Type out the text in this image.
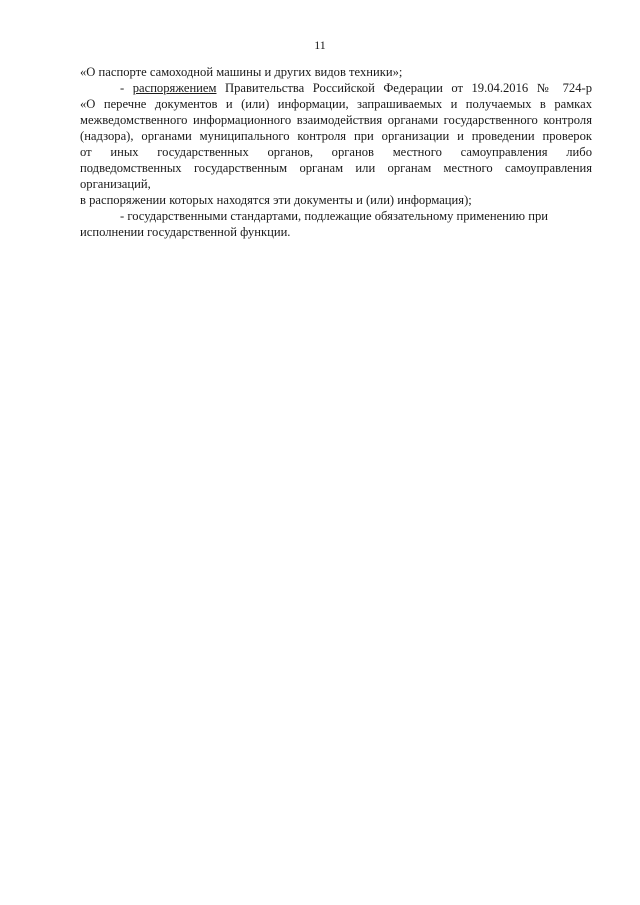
11
«О паспорте самоходной машины и других видов техники»;
- распоряжением Правительства Российской Федерации от 19.04.2016 № 724-р
«О перечне документов и (или) информации, запрашиваемых и получаемых в рамках
межведомственного информационного взаимодействия органами государственного контроля
(надзора), органами муниципального контроля при организации и проведении проверок
от иных государственных органов, органов местного самоуправления либо
подведомственных государственным органам или органам местного самоуправления
организаций,
в распоряжении которых находятся эти документы и (или) информация);
- государственными стандартами, подлежащие обязательному применению при
исполнении государственной функции.
